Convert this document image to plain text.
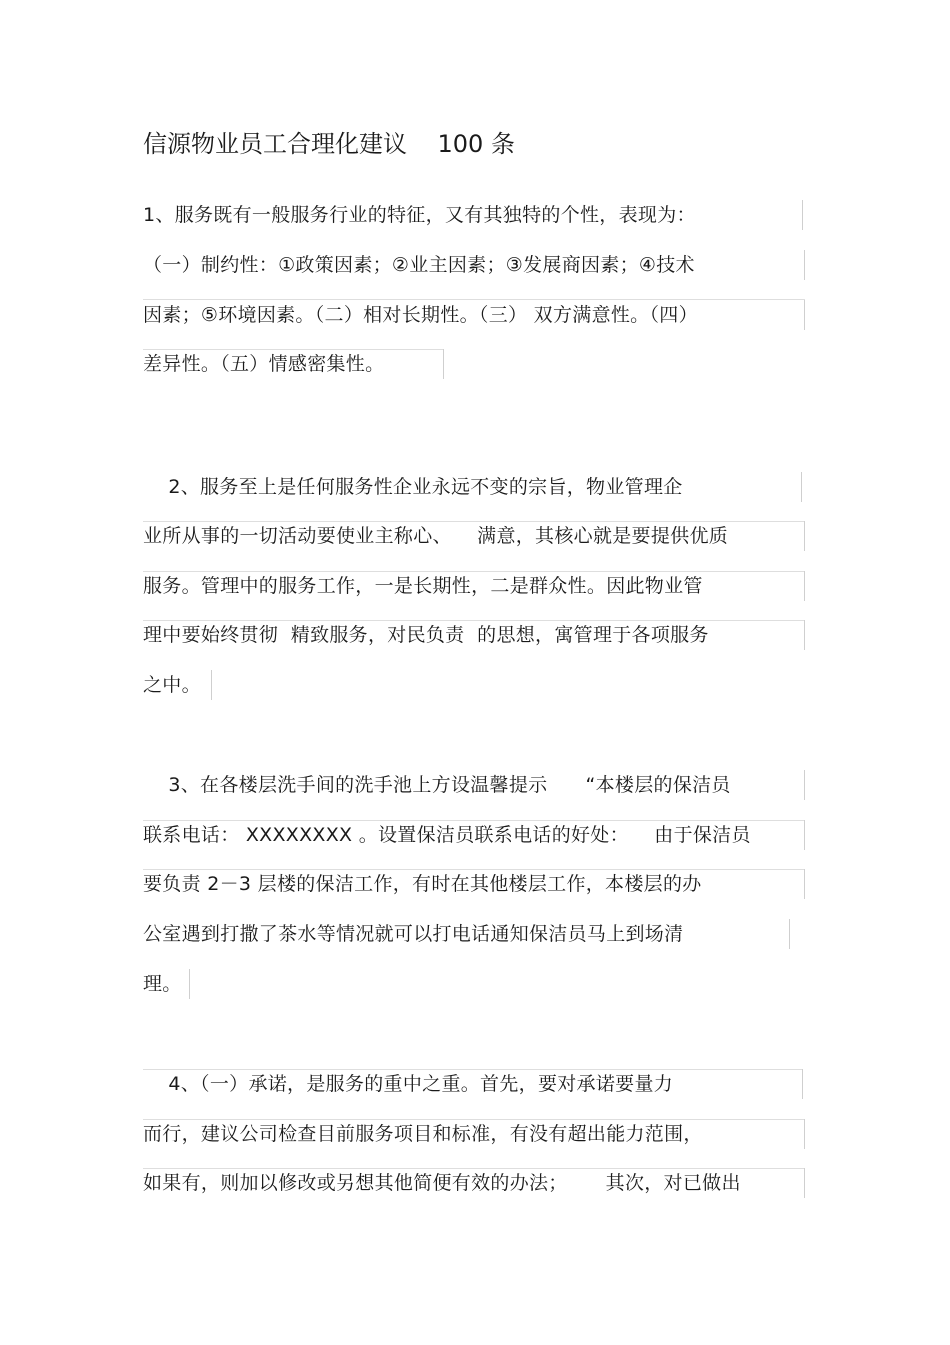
信源物业员工合理化建议    100 条
1、服务既有一般服务行业的特征，又有其独特的个性，表现为：
（一）制约性：①政策因素；②业主因素；③发展商因素；④技术
因素；⑤环境因素。（二）相对长期性。（三） 双方满意性。（四）
差异性。（五）情感密集性。
2、服务至上是任何服务性企业永远不变的宗旨，物业管理企
业所从事的一切活动要使业主称心、    满意，其核心就是要提供优质
服务。管理中的服务工作，一是长期性，二是群众性。因此物业管
理中要始终贯彻  精致服务，对民负责  的思想，寓管理于各项服务
之中。
3、在各楼层洗手间的洗手池上方设温馨提示      “本楼层的保洁员
联系电话： XXXXXXXX 。设置保洁员联系电话的好处：    由于保洁员
要负责 2－3 层楼的保洁工作，有时在其他楼层工作，本楼层的办
公室遇到打撒了茶水等情况就可以打电话通知保洁员马上到场清
理。
4、（一）承诺，是服务的重中之重。首先，要对承诺要量力
而行，建议公司检查目前服务项目和标准，有没有超出能力范围，
如果有，则加以修改或另想其他简便有效的办法；      其次，对已做出
